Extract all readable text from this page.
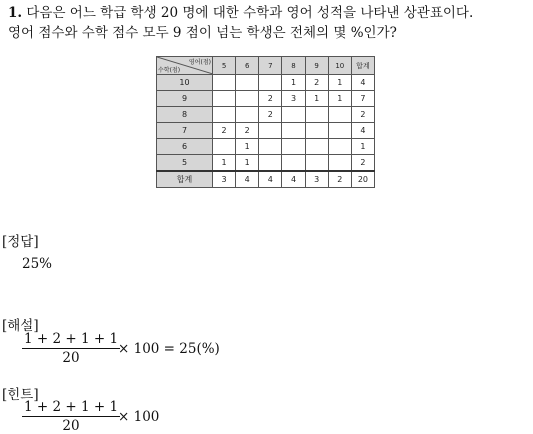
1. 다음은 어느 학급 학생 20 명에 대한 수학과 영어 성적을 나타낸 상관표이다.
영어 점수와 수학 점수 모두 9 점이 넘는 학생은 전체의 몇 %인가?
영어(점)
수학(점)	5	6	7	8	9	10	합계
10				1	2	1	4
9			2	3	1	1	7
8			2				2
7	2	2					4
6		1					1
5	1	1					2
합계	3	4	4	4	3	2	20
[정답]
25%
[해설]
1 + 2 + 1 + 1
20
× 100 = 25(%)
[힌트]
1 + 2 + 1 + 1
20
× 100
